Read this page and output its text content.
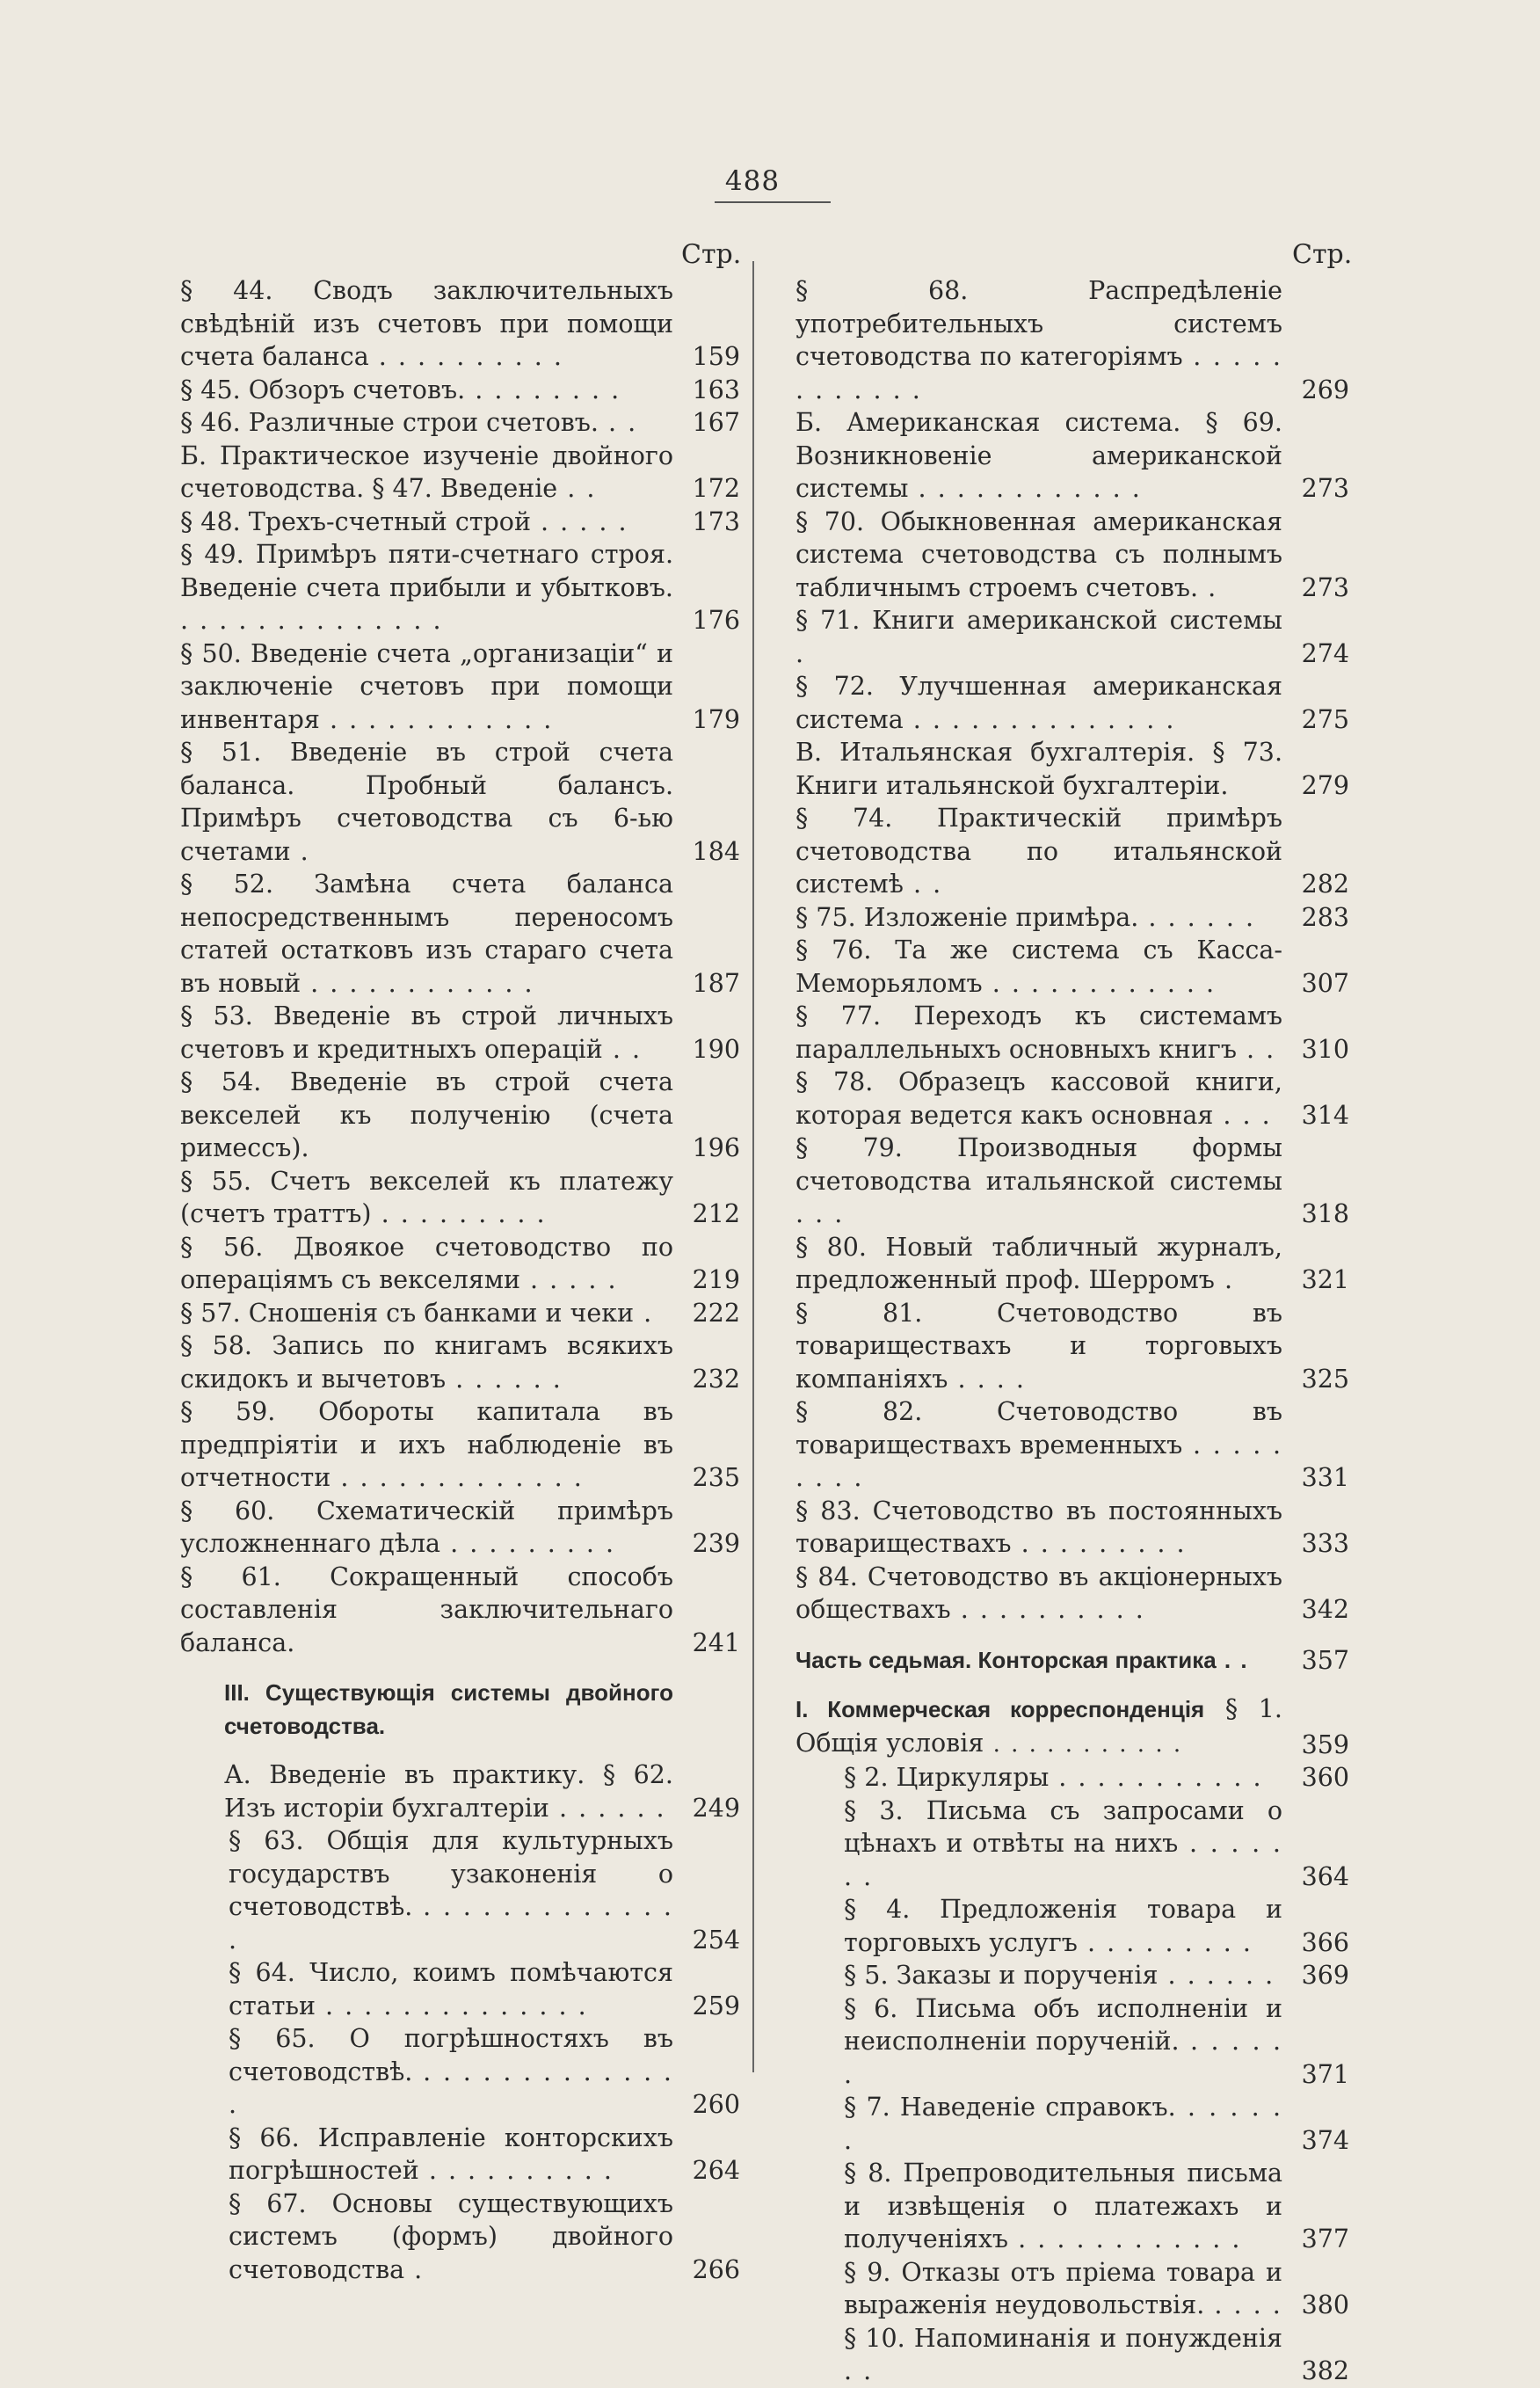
488
Стр.	Стр.
§ 44. Сводъ заключительныхъ свѣдѣній изъ счетовъ при помощи счета баланса . . . . . . . . . .	159
§ 45. Обзоръ счетовъ. . . . . . . . .	163
§ 46. Различные строи счетовъ. . .	167
Б. Практическое изученіе двойного счетоводства. § 47. Введеніе . .	172
§ 48. Трехъ-счетный строй . . . . .	173
§ 49. Примѣръ пяти-счетнаго строя. Введеніе счета прибыли и убытковъ. . . . . . . . . . . . . . .	176
§ 50. Введеніе счета „организаціи“ и заключеніе счетовъ при помощи инвентаря . . . . . . . . . . . .	179
§ 51. Введеніе въ строй счета баланса. Пробный балансъ. Примѣръ счетоводства съ 6-ью счетами .	184
§ 52. Замѣна счета баланса непосредственнымъ переносомъ статей остатковъ изъ стараго счета въ новый . . . . . . . . . . . .	187
§ 53. Введеніе въ строй личныхъ счетовъ и кредитныхъ операцій . .	190
§ 54. Введеніе въ строй счета векселей къ полученію (счета римессъ).	196
§ 55. Счетъ векселей къ платежу (счетъ траттъ) . . . . . . . . .	212
§ 56. Двоякое счетоводство по операціямъ съ векселями . . . . .	219
§ 57. Сношенія съ банками и чеки .	222
§ 58. Запись по книгамъ всякихъ скидокъ и вычетовъ . . . . . .	232
§ 59. Обороты капитала въ предпріятіи и ихъ наблюденіе въ отчетности . . . . . . . . . . . . .	235
§ 60. Схематическій примѣръ усложненнаго дѣла . . . . . . . . .	239
§ 61. Сокращенный способъ составленія заключительнаго баланса.	241
III. Существующія системы двойного счетоводства.
А. Введеніе въ практику. § 62. Изъ исторіи бухгалтеріи . . . . . .	249
§ 63. Общія для культурныхъ государствъ узаконенія о счетоводствѣ. . . . . . . . . . . . . . .	254
§ 64. Число, коимъ помѣчаются статьи . . . . . . . . . . . . . .	259
§ 65. О погрѣшностяхъ въ счетоводствѣ. . . . . . . . . . . . . . .	260
§ 66. Исправленіе конторскихъ погрѣшностей . . . . . . . . . .	264
§ 67. Основы существующихъ системъ (формъ) двойного счетоводства .	266
§ 68. Распредѣленіе употребительныхъ системъ счетоводства по категоріямъ . . . . . . . . . . . .	269
Б. Американская система. § 69. Возникновеніе американской системы . . . . . . . . . . . .	273
§ 70. Обыкновенная американская система счетоводства съ полнымъ табличнымъ строемъ счетовъ. .	273
§ 71. Книги американской системы .	274
§ 72. Улучшенная американская система . . . . . . . . . . . . . .	275
В. Итальянская бухгалтерія. § 73. Книги итальянской бухгалтеріи.	279
§ 74. Практическій примѣръ счетоводства по итальянской системѣ . .	282
§ 75. Изложеніе примѣра. . . . . . .	283
§ 76. Та же система съ Касса-Меморьяломъ . . . . . . . . . . . .	307
§ 77. Переходъ къ системамъ параллельныхъ основныхъ книгъ . .	310
§ 78. Образецъ кассовой книги, которая ведется какъ основная . . .	314
§ 79. Производныя формы счетоводства итальянской системы . . .	318
§ 80. Новый табличный журналъ, предложенный проф. Шерромъ .	321
§ 81. Счетоводство въ товариществахъ и торговыхъ компаніяхъ . . . .	325
§ 82. Счетоводство въ товариществахъ временныхъ . . . . . . . . .	331
§ 83. Счетоводство въ постоянныхъ товариществахъ . . . . . . . . .	333
§ 84. Счетоводство въ акціонерныхъ обществахъ . . . . . . . . . .	342
Часть седьмая. Конторская практика . .	357
I. Коммерческая корреспонденція § 1. Общія условія . . . . . . . . . . .	359
§ 2. Циркуляры . . . . . . . . . . .	360
§ 3. Письма съ запросами о цѣнахъ и отвѣты на нихъ . . . . . . .	364
§ 4. Предложенія товара и торговыхъ услугъ . . . . . . . . .	366
§ 5. Заказы и порученія . . . . . .	369
§ 6. Письма объ исполненіи и неисполненіи порученій. . . . . . .	371
§ 7. Наведеніе справокъ. . . . . . .	374
§ 8. Препроводительныя письма и извѣщенія о платежахъ и полученіяхъ . . . . . . . . . . . .	377
§ 9. Отказы отъ пріема товара и выраженія неудовольствія. . . . . 380
§ 10. Напоминанія и понужденія . .	382
